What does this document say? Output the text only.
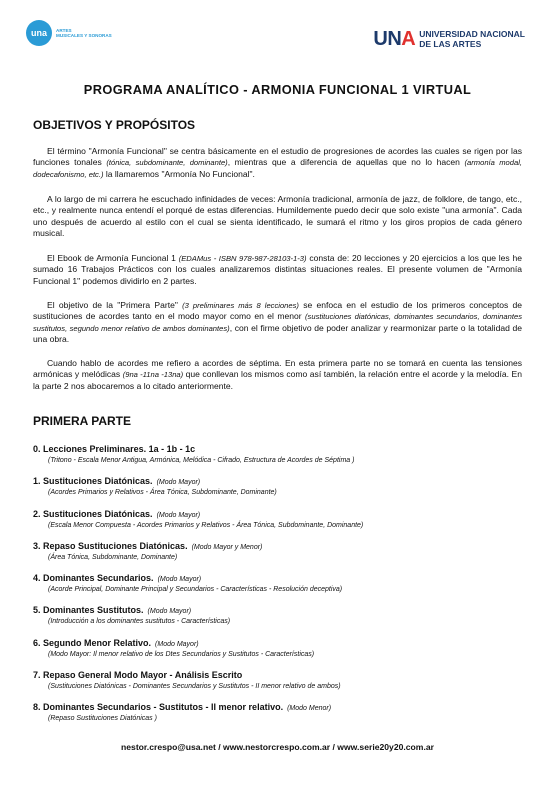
una	ARTES
MUSICALES Y SONORAS	UNA UNIVERSIDAD NACIONAL
DE LAS ARTES
PROGRAMA ANALÍTICO - ARMONIA FUNCIONAL 1 VIRTUAL
OBJETIVOS Y PROPÓSITOS
El término "Armonía Funcional" se centra básicamente en el estudio de progresiones de acordes las cuales se rigen por las funciones tonales (tónica, subdominante, dominante), mientras que a diferencia de aquellas que no lo hacen (armonía modal, dodecafonismo, etc.) la llamaremos "Armonía No Funcional".
A lo largo de mi carrera he escuchado infinidades de veces: Armonía tradicional, armonía de jazz, de folklore, de tango, etc., etc., y realmente nunca entendí el porqué de estas diferencias. Humildemente puedo decir que solo existe "una armonía". Cada uno después de acuerdo al estilo con el cual se sienta identificado, le sumará el ritmo y los giros propios de cada género musical.
El Ebook de Armonía Funcional 1 (EDAMus - ISBN 978-987-28103-1-3) consta de: 20 lecciones y 20 ejercicios a los que les he sumado 16 Trabajos Prácticos con los cuales analizaremos distintas situaciones reales. El presente volumen de "Armonía Funcional 1" podemos dividirlo en 2 partes.
El objetivo de la "Primera Parte" (3 preliminares más 8 lecciones) se enfoca en el estudio de los primeros conceptos de sustituciones de acordes tanto en el modo mayor como en el menor (sustituciones diatónicas, dominantes secundarios, dominantes sustitutos, segundo menor relativo de ambos dominantes), con el firme objetivo de poder analizar y rearmonizar parte o la totalidad de una obra.
Cuando hablo de acordes me refiero a acordes de séptima. En esta primera parte no se tomará en cuenta las tensiones armónicas y melódicas (9na -11na -13na) que conllevan los mismos como así también, la relación entre el acorde y la melodía. En la parte 2 nos abocaremos a lo citado anteriormente.
PRIMERA PARTE
0. Lecciones Preliminares. 1a - 1b - 1c
(Tritono - Escala Menor Antigua, Armónica, Melódica - Cifrado, Estructura de Acordes de Séptima )
1. Sustituciones Diatónicas. (Modo Mayor)
(Acordes Primarios y Relativos - Área Tónica, Subdominante, Dominante)
2. Sustituciones Diatónicas. (Modo Mayor)
(Escala Menor Compuesta - Acordes Primarios y Relativos - Área Tónica, Subdominante, Dominante)
3. Repaso Sustituciones Diatónicas. (Modo Mayor y Menor)
(Área Tónica, Subdominante, Dominante)
4. Dominantes Secundarios. (Modo Mayor)
(Acorde Principal, Dominante Principal y Secundarios - Características - Resolución deceptiva)
5. Dominantes Sustitutos. (Modo Mayor)
(Introducción a los dominantes sustitutos - Características)
6. Segundo Menor Relativo. (Modo Mayor)
(Modo Mayor: Il menor relativo de los Dtes Secundarios y Sustitutos - Características)
7. Repaso General Modo Mayor - Análisis Escrito
(Sustituciones Diatónicas - Dominantes Secundarios y Sustitutos - II menor relativo de ambos)
8. Dominantes Secundarios - Sustitutos - II menor relativo. (Modo Menor)
(Repaso Sustituciones Diatónicas )
nestor.crespo@usa.net / www.nestorcrespo.com.ar / www.serie20y20.com.ar
